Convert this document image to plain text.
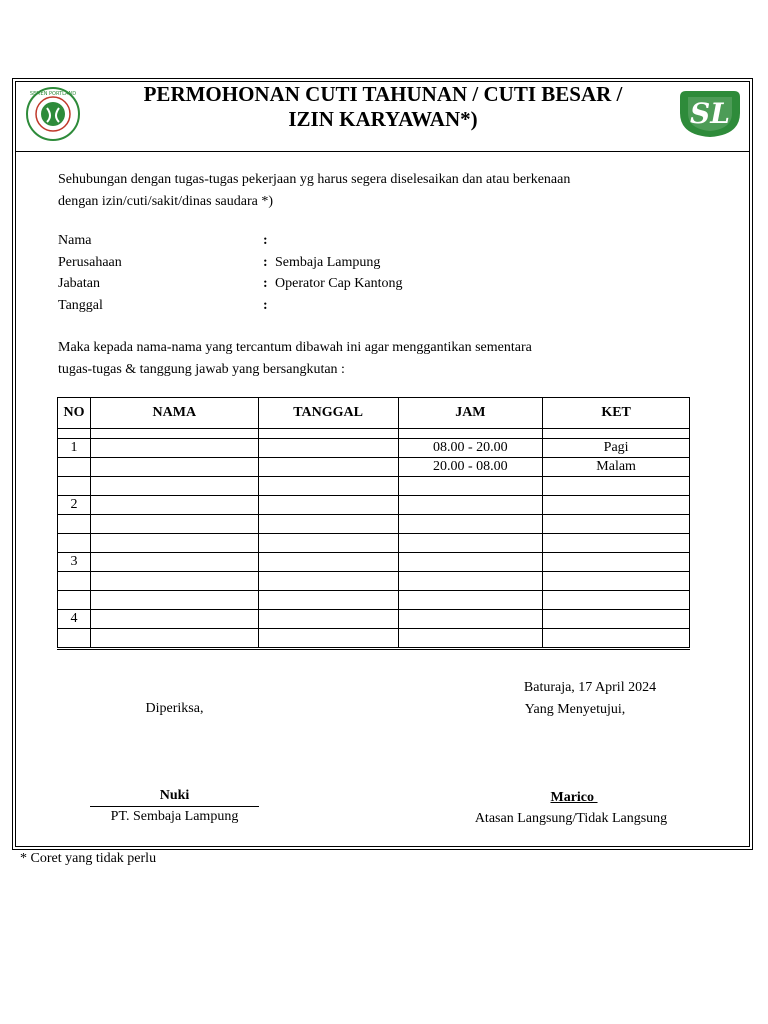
SEMEN PORTLAND	PERMOHONAN CUTI TAHUNAN / CUTI BESAR /
IZIN KARYAWAN*)	SL
Sehubungan dengan tugas-tugas pekerjaan yg harus segera diselesaikan dan atau berkenaan
dengan izin/cuti/sakit/dinas saudara *)
Nama	:
Perusahaan	: Sembaja Lampung
Jabatan	: Operator Cap Kantong
Tanggal	:
Maka kepada nama-nama yang tercantum dibawah ini agar menggantikan sementara
tugas-tugas & tanggung jawab yang bersangkutan :
NO	NAMA	TANGGAL	JAM	KET

1			08.00 - 20.00	Pagi
			20.00 - 08.00	Malam

2				

3				

4				

Baturaja, 17 April 2024
Yang Menyetujui,
Diperiksa,
Nuki
PT. Sembaja Lampung
Marico
Atasan Langsung/Tidak Langsung
* Coret yang tidak perlu
